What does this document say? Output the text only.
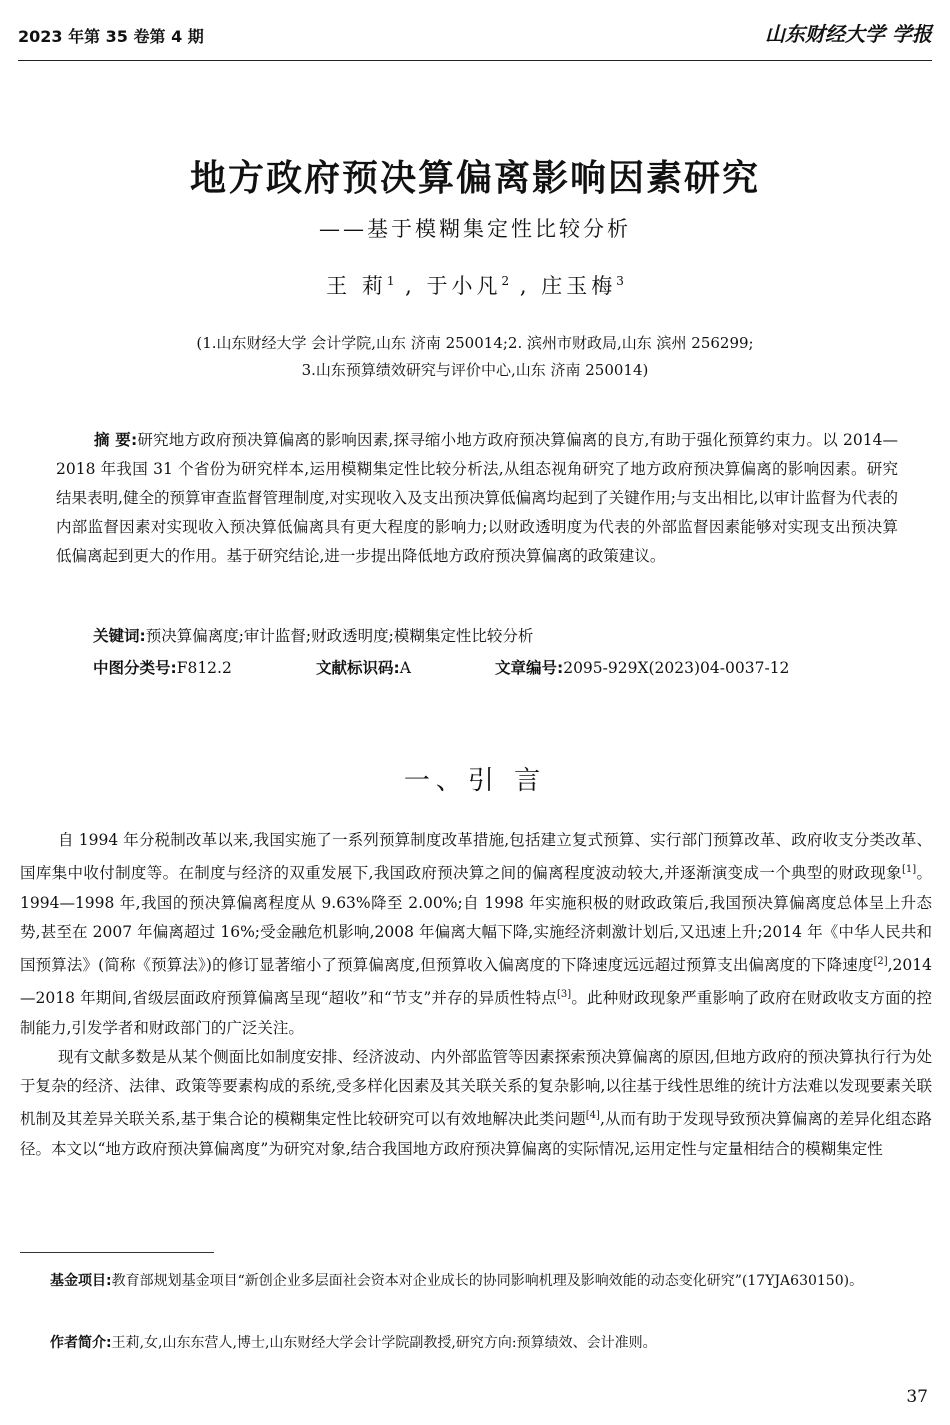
2023 年第 35 卷第 4 期	山东财经大学 学报
地方政府预决算偏离影响因素研究
——基于模糊集定性比较分析
王 莉$^1$ , 于小凡$^2$ , 庄玉梅$^3$
(1.山东财经大学 会计学院,山东 济南 250014;2. 滨州市财政局,山东 滨州 256299;
3.山东预算绩效研究与评价中心,山东 济南 250014)

摘 要:研究地方政府预决算偏离的影响因素,探寻缩小地方政府预决算偏离的良方,有助于强化预算约束力。以 2014—2018 年我国 31 个省份为研究样本,运用模糊集定性比较分析法,从组态视角研究了地方政府预决算偏离的影响因素。研究结果表明,健全的预算审查监督管理制度,对实现收入及支出预决算低偏离均起到了关键作用;与支出相比,以审计监督为代表的内部监督因素对实现收入预决算低偏离具有更大程度的影响力;以财政透明度为代表的外部监督因素能够对实现支出预决算低偏离起到更大的作用。基于研究结论,进一步提出降低地方政府预决算偏离的政策建议。

关键词:预决算偏离度;审计监督;财政透明度;模糊集定性比较分析
中图分类号:F812.2	文献标识码:A	文章编号:2095-929X(2023)04-0037-12
一、引 言

自 1994 年分税制改革以来,我国实施了一系列预算制度改革措施,包括建立复式预算、实行部门预算改革、政府收支分类改革、国库集中收付制度等。在制度与经济的双重发展下,我国政府预决算之间的偏离程度波动较大,并逐渐演变成一个典型的财政现象[1]。1994—1998 年,我国的预决算偏离程度从 9.63%降至 2.00%;自 1998 年实施积极的财政政策后,我国预决算偏离度总体呈上升态势,甚至在 2007 年偏离超过 16%;受金融危机影响,2008 年偏离大幅下降,实施经济刺激计划后,又迅速上升;2014 年《中华人民共和国预算法》(简称《预算法》)的修订显著缩小了预算偏离度,但预算收入偏离度的下降速度远远超过预算支出偏离度的下降速度[2],2014—2018 年期间,省级层面政府预算偏离呈现“超收”和“节支”并存的异质性特点[3]。此种财政现象严重影响了政府在财政收支方面的控制能力,引发学者和财政部门的广泛关注。

现有文献多数是从某个侧面比如制度安排、经济波动、内外部监管等因素探索预决算偏离的原因,但地方政府的预决算执行行为处于复杂的经济、法律、政策等要素构成的系统,受多样化因素及其关联关系的复杂影响,以往基于线性思维的统计方法难以发现要素关联机制及其差异关联关系,基于集合论的模糊集定性比较研究可以有效地解决此类问题[4],从而有助于发现导致预决算偏离的差异化组态路径。本文以“地方政府预决算偏离度”为研究对象,结合我国地方政府预决算偏离的实际情况,运用定性与定量相结合的模糊集定性

基金项目:教育部规划基金项目“新创企业多层面社会资本对企业成长的协同影响机理及影响效能的动态变化研究”(17YJA630150)。

作者简介:王莉,女,山东东营人,博士,山东财经大学会计学院副教授,研究方向:预算绩效、会计准则。

37
